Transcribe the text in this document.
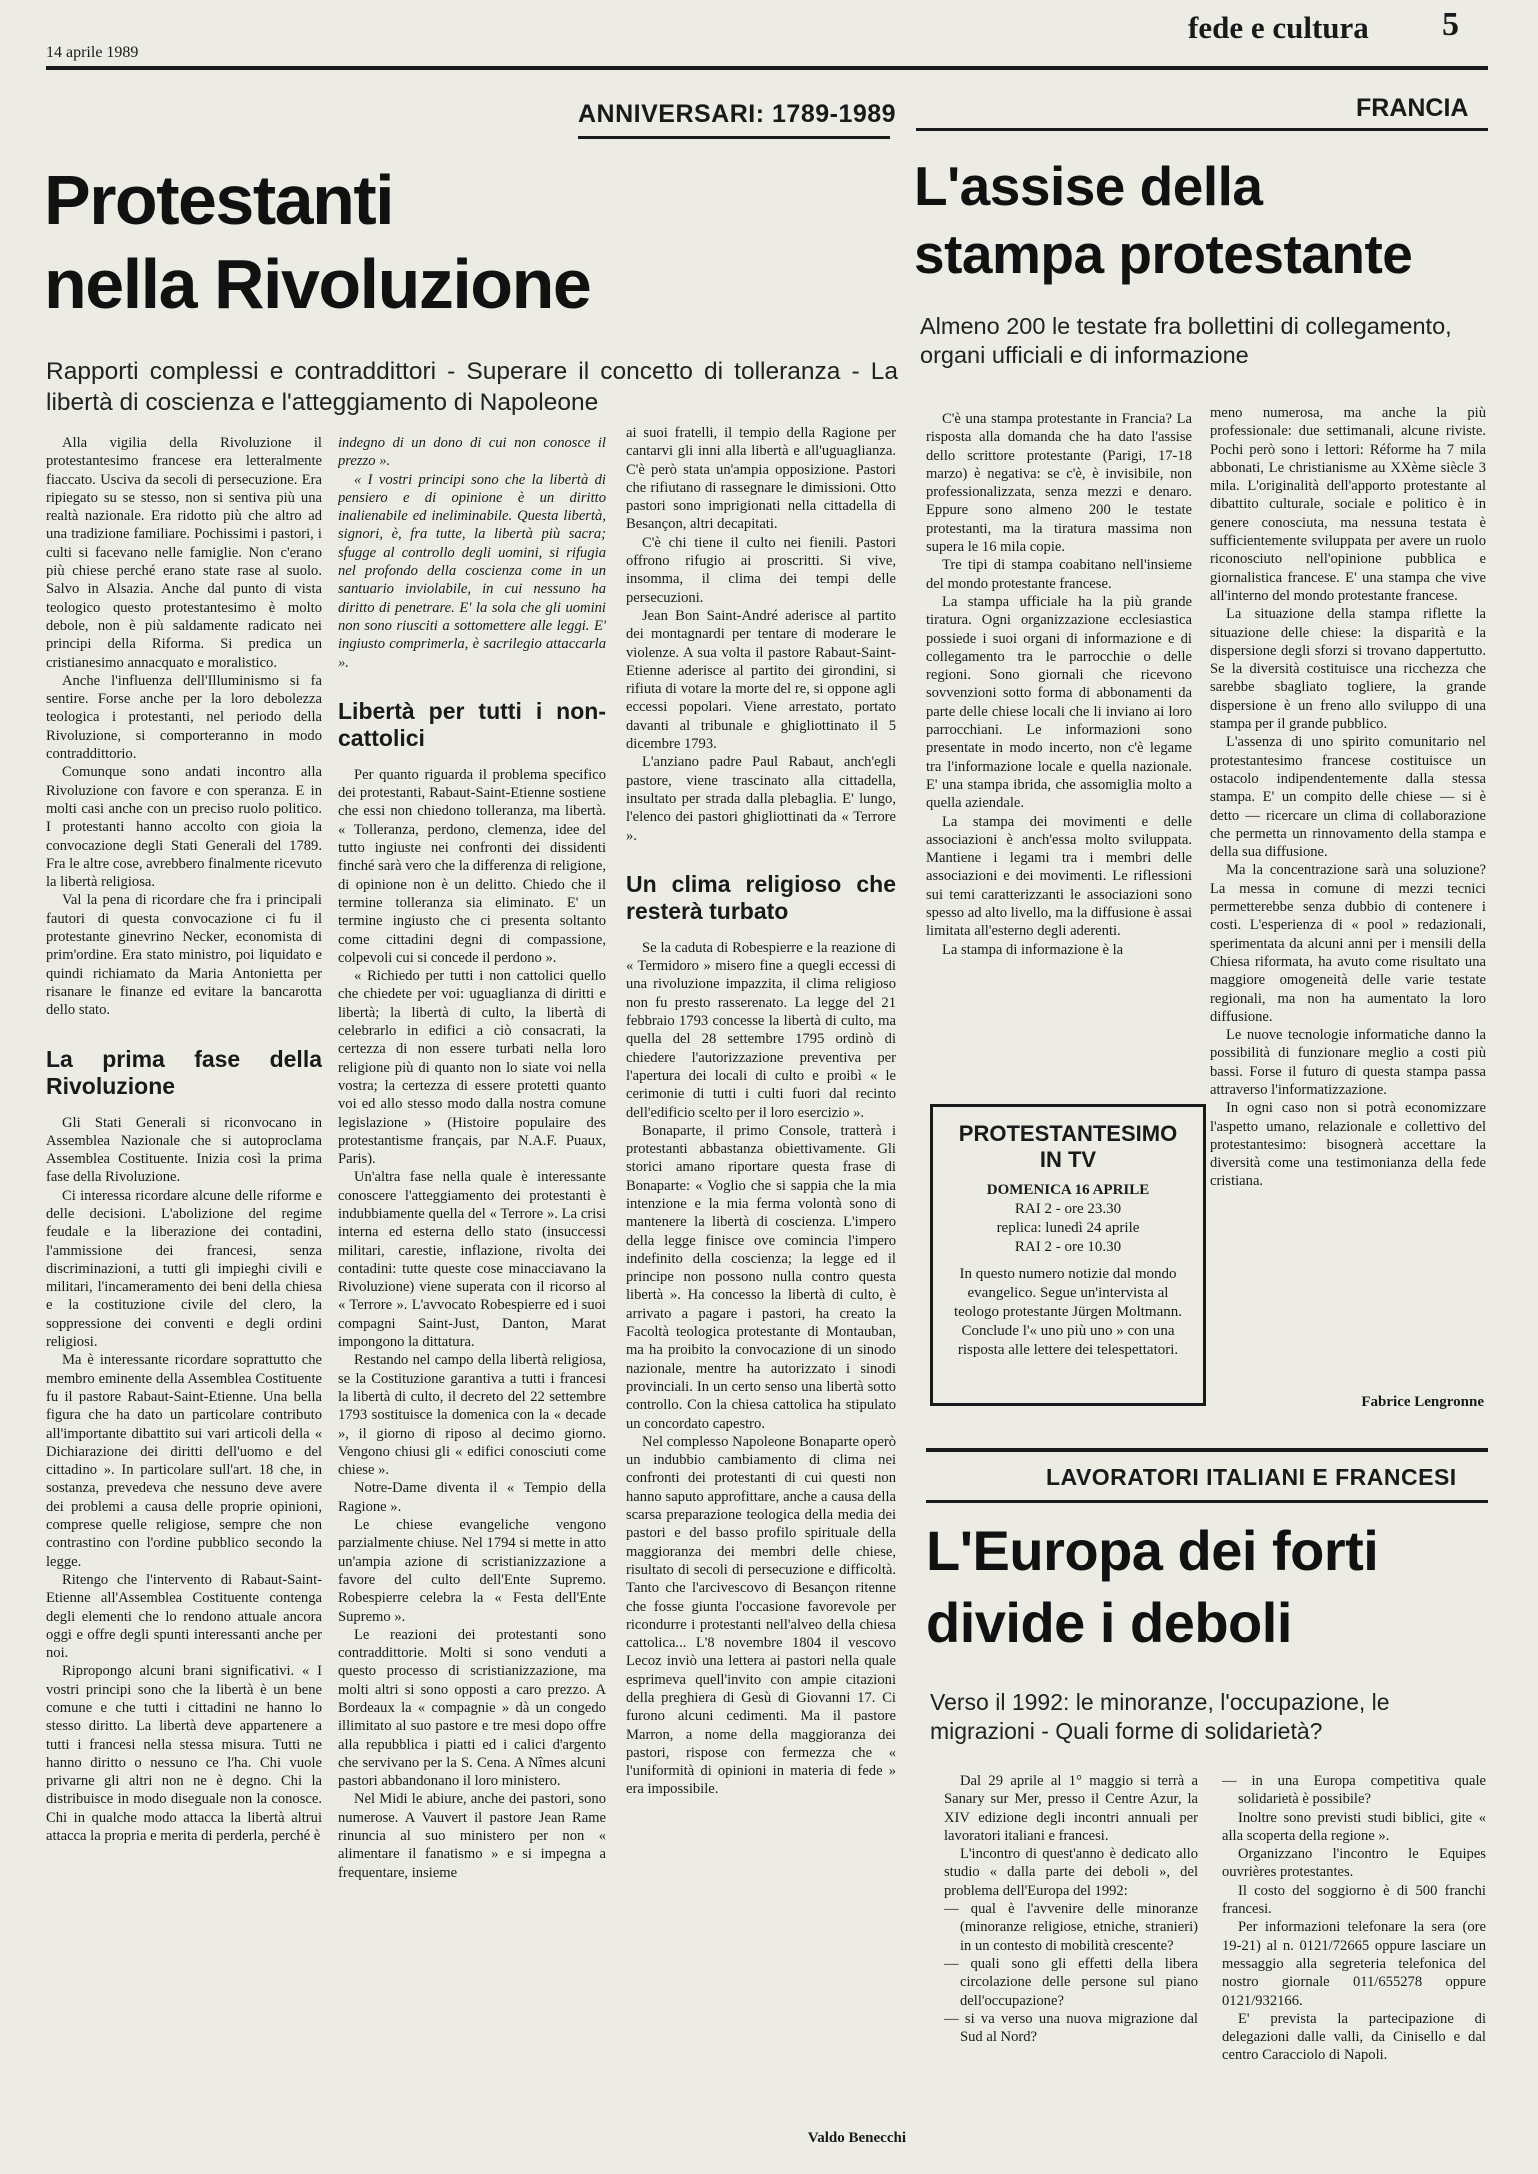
14 aprile 1989
fede e cultura 5
ANNIVERSARI: 1789-1989
Protestanti
nella Rivoluzione
Rapporti complessi e contraddittori - Superare il concetto di tolleranza - La libertà di coscienza e l'atteggiamento di Napoleone

Alla vigilia della Rivoluzione il protestantesimo francese era letteralmente fiaccato. Usciva da secoli di persecuzione. Era ripiegato su se stesso, non si sentiva più una realtà nazionale. Era ridotto più che altro ad una tradizione familiare. Pochissimi i pastori, i culti si facevano nelle famiglie. Non c'erano più chiese perché erano state rase al suolo. Salvo in Alsazia. Anche dal punto di vista teologico questo protestantesimo è molto debole, non è più saldamente radicato nei principi della Riforma. Si predica un cristianesimo annacquato e moralistico.

Anche l'influenza dell'Illuminismo si fa sentire. Forse anche per la loro debolezza teologica i protestanti, nel periodo della Rivoluzione, si comporteranno in modo contraddittorio.

Comunque sono andati incontro alla Rivoluzione con favore e con speranza. E in molti casi anche con un preciso ruolo politico. I protestanti hanno accolto con gioia la convocazione degli Stati Generali del 1789. Fra le altre cose, avrebbero finalmente ricevuto la libertà religiosa.

Val la pena di ricordare che fra i principali fautori di questa convocazione ci fu il protestante ginevrino Necker, economista di prim'ordine. Era stato ministro, poi liquidato e quindi richiamato da Maria Antonietta per risanare le finanze ed evitare la bancarotta dello stato.

La prima fase della Rivoluzione

Gli Stati Generali si riconvocano in Assemblea Nazionale che si autoproclama Assemblea Costituente. Inizia così la prima fase della Rivoluzione.

Ci interessa ricordare alcune delle riforme e delle decisioni. L'abolizione del regime feudale e la liberazione dei contadini, l'ammissione dei francesi, senza discriminazioni, a tutti gli impieghi civili e militari, l'incameramento dei beni della chiesa e la costituzione civile del clero, la soppressione dei conventi e degli ordini religiosi.

Ma è interessante ricordare soprattutto che membro eminente della Assemblea Costituente fu il pastore Rabaut-Saint-Etienne. Una bella figura che ha dato un particolare contributo all'importante dibattito sui vari articoli della « Dichiarazione dei diritti dell'uomo e del cittadino ». In particolare sull'art. 18 che, in sostanza, prevedeva che nessuno deve avere dei problemi a causa delle proprie opinioni, comprese quelle religiose, sempre che non contrastino con l'ordine pubblico secondo la legge.

Ritengo che l'intervento di Rabaut-Saint-Etienne all'Assemblea Costituente contenga degli elementi che lo rendono attuale ancora oggi e offre degli spunti interessanti anche per noi.

Ripropongo alcuni brani significativi. « I vostri principi sono che la libertà è un bene comune e che tutti i cittadini ne hanno lo stesso diritto. La libertà deve appartenere a tutti i francesi nella stessa misura. Tutti ne hanno diritto o nessuno ce l'ha. Chi vuole privarne gli altri non ne è degno. Chi la distribuisce in modo diseguale non la conosce. Chi in qualche modo attacca la libertà altrui attacca la propria e merita di perderla, perché è

indegno di un dono di cui non conosce il prezzo ».

« I vostri principi sono che la libertà di pensiero e di opinione è un diritto inalienabile ed ineliminabile. Questa libertà, signori, è, fra tutte, la libertà più sacra; sfugge al controllo degli uomini, si rifugia nel profondo della coscienza come in un santuario inviolabile, in cui nessuno ha diritto di penetrare. E' la sola che gli uomini non sono riusciti a sottomettere alle leggi. E' ingiusto comprimerla, è sacrilegio attaccarla ».

Libertà per tutti i non-cattolici

Per quanto riguarda il problema specifico dei protestanti, Rabaut-Saint-Etienne sostiene che essi non chiedono tolleranza, ma libertà. « Tolleranza, perdono, clemenza, idee del tutto ingiuste nei confronti dei dissidenti finché sarà vero che la differenza di religione, di opinione non è un delitto. Chiedo che il termine tolleranza sia eliminato. E' un termine ingiusto che ci presenta soltanto come cittadini degni di compassione, colpevoli cui si concede il perdono ».

« Richiedo per tutti i non cattolici quello che chiedete per voi: uguaglianza di diritti e libertà; la libertà di culto, la libertà di celebrarlo in edifici a ciò consacrati, la certezza di non essere turbati nella loro religione più di quanto non lo siate voi nella vostra; la certezza di essere protetti quanto voi ed allo stesso modo dalla nostra comune legislazione » (Histoire populaire des protestantisme français, par N.A.F. Puaux, Paris).

Un'altra fase nella quale è interessante conoscere l'atteggiamento dei protestanti è indubbiamente quella del « Terrore ». La crisi interna ed esterna dello stato (insuccessi militari, carestie, inflazione, rivolta dei contadini: tutte queste cose minacciavano la Rivoluzione) viene superata con il ricorso al « Terrore ». L'avvocato Robespierre ed i suoi compagni Saint-Just, Danton, Marat impongono la dittatura.

Restando nel campo della libertà religiosa, se la Costituzione garantiva a tutti i francesi la libertà di culto, il decreto del 22 settembre 1793 sostituisce la domenica con la « decade », il giorno di riposo al decimo giorno. Vengono chiusi gli « edifici conosciuti come chiese ».

Notre-Dame diventa il « Tempio della Ragione ».

Le chiese evangeliche vengono parzialmente chiuse. Nel 1794 si mette in atto un'ampia azione di scristianizzazione a favore del culto dell'Ente Supremo. Robespierre celebra la « Festa dell'Ente Supremo ».

Le reazioni dei protestanti sono contraddittorie. Molti si sono venduti a questo processo di scristianizzazione, ma molti altri si sono opposti a caro prezzo. A Bordeaux la « compagnie » dà un congedo illimitato al suo pastore e tre mesi dopo offre alla repubblica i piatti ed i calici d'argento che servivano per la S. Cena. A Nîmes alcuni pastori abbandonano il loro ministero.

Nel Midi le abiure, anche dei pastori, sono numerose. A Vauvert il pastore Jean Rame rinuncia al suo ministero per non « alimentare il fanatismo » e si impegna a frequentare, insieme

ai suoi fratelli, il tempio della Ragione per cantarvi gli inni alla libertà e all'uguaglianza. C'è però stata un'ampia opposizione. Pastori che rifiutano di rassegnare le dimissioni. Otto pastori sono imprigionati nella cittadella di Besançon, altri decapitati.

C'è chi tiene il culto nei fienili. Pastori offrono rifugio ai proscritti. Si vive, insomma, il clima dei tempi delle persecuzioni.

Jean Bon Saint-André aderisce al partito dei montagnardi per tentare di moderare le violenze. A sua volta il pastore Rabaut-Saint-Etienne aderisce al partito dei girondini, si rifiuta di votare la morte del re, si oppone agli eccessi popolari. Viene arrestato, portato davanti al tribunale e ghigliottinato il 5 dicembre 1793.

L'anziano padre Paul Rabaut, anch'egli pastore, viene trascinato alla cittadella, insultato per strada dalla plebaglia. E' lungo, l'elenco dei pastori ghigliottinati da « Terrore ».

Un clima religioso che resterà turbato

Se la caduta di Robespierre e la reazione di « Termidoro » misero fine a quegli eccessi di una rivoluzione impazzita, il clima religioso non fu presto rasserenato. La legge del 21 febbraio 1793 concesse la libertà di culto, ma quella del 28 settembre 1795 ordinò di chiedere l'autorizzazione preventiva per l'apertura dei locali di culto e proibì « le cerimonie di tutti i culti fuori dal recinto dell'edificio scelto per il loro esercizio ».

Bonaparte, il primo Console, tratterà i protestanti abbastanza obiettivamente. Gli storici amano riportare questa frase di Bonaparte: « Voglio che si sappia che la mia intenzione e la mia ferma volontà sono di mantenere la libertà di coscienza. L'impero della legge finisce ove comincia l'impero indefinito della coscienza; la legge ed il principe non possono nulla contro questa libertà ». Ha concesso la libertà di culto, è arrivato a pagare i pastori, ha creato la Facoltà teologica protestante di Montauban, ma ha proibito la convocazione di un sinodo nazionale, mentre ha autorizzato i sinodi provinciali. In un certo senso una libertà sotto controllo. Con la chiesa cattolica ha stipulato un concordato capestro.

Nel complesso Napoleone Bonaparte operò un indubbio cambiamento di clima nei confronti dei protestanti di cui questi non hanno saputo approfittare, anche a causa della scarsa preparazione teologica della media dei pastori e del basso profilo spirituale della maggioranza dei membri delle chiese, risultato di secoli di persecuzione e difficoltà. Tanto che l'arcivescovo di Besançon ritenne che fosse giunta l'occasione favorevole per ricondurre i protestanti nell'alveo della chiesa cattolica... L'8 novembre 1804 il vescovo Lecoz inviò una lettera ai pastori nella quale esprimeva quell'invito con ampie citazioni della preghiera di Gesù di Giovanni 17. Ci furono alcuni cedimenti. Ma il pastore Marron, a nome della maggioranza dei pastori, rispose con fermezza che « l'uniformità di opinioni in materia di fede » era impossibile.

Valdo Benecchi
FRANCIA
L'assise della
stampa protestante
Almeno 200 le testate fra bollettini di collegamento, organi ufficiali e di informazione

C'è una stampa protestante in Francia? La risposta alla domanda che ha dato l'assise dello scrittore protestante (Parigi, 17-18 marzo) è negativa: se c'è, è invisibile, non professionalizzata, senza mezzi e denaro. Eppure sono almeno 200 le testate protestanti, ma la tiratura massima non supera le 16 mila copie.

Tre tipi di stampa coabitano nell'insieme del mondo protestante francese.

La stampa ufficiale ha la più grande tiratura. Ogni organizzazione ecclesiastica possiede i suoi organi di informazione e di collegamento tra le parrocchie o delle regioni. Sono giornali che ricevono sovvenzioni sotto forma di abbonamenti da parte delle chiese locali che li inviano ai loro parrocchiani. Le informazioni sono presentate in modo incerto, non c'è legame tra l'informazione locale e quella nazionale. E' una stampa ibrida, che assomiglia molto a quella aziendale.

La stampa dei movimenti e delle associazioni è anch'essa molto sviluppata. Mantiene i legami tra i membri delle associazioni e dei movimenti. Le riflessioni sui temi caratterizzanti le associazioni sono spesso ad alto livello, ma la diffusione è assai limitata all'esterno degli aderenti.

La stampa di informazione è la

PROTESTANTESIMO
IN TV
DOMENICA 16 APRILE
RAI 2 - ore 23.30
replica: lunedì 24 aprile
RAI 2 - ore 10.30
In questo numero notizie dal mondo evangelico. Segue un'intervista al teologo protestante Jürgen Moltmann. Conclude l'« uno più uno » con una risposta alle lettere dei telespettatori.

meno numerosa, ma anche la più professionale: due settimanali, alcune riviste. Pochi però sono i lettori: Réforme ha 7 mila abbonati, Le christianisme au XXème siècle 3 mila. L'originalità dell'apporto protestante al dibattito culturale, sociale e politico è in genere conosciuta, ma nessuna testata è sufficientemente sviluppata per avere un ruolo riconosciuto nell'opinione pubblica e giornalistica francese. E' una stampa che vive all'interno del mondo protestante francese.

La situazione della stampa riflette la situazione delle chiese: la disparità e la dispersione degli sforzi si trovano dappertutto. Se la diversità costituisce una ricchezza che sarebbe sbagliato togliere, la grande dispersione è un freno allo sviluppo di una stampa per il grande pubblico.

L'assenza di uno spirito comunitario nel protestantesimo francese costituisce un ostacolo indipendentemente dalla stessa stampa. E' un compito delle chiese — si è detto — ricercare un clima di collaborazione che permetta un rinnovamento della stampa e della sua diffusione.

Ma la concentrazione sarà una soluzione? La messa in comune di mezzi tecnici permetterebbe senza dubbio di contenere i costi. L'esperienza di « pool » redazionali, sperimentata da alcuni anni per i mensili della Chiesa riformata, ha avuto come risultato una maggiore omogeneità delle varie testate regionali, ma non ha aumentato la loro diffusione.

Le nuove tecnologie informatiche danno la possibilità di funzionare meglio a costi più bassi. Forse il futuro di questa stampa passa attraverso l'informatizzazione.

In ogni caso non si potrà economizzare l'aspetto umano, relazionale e collettivo del protestantesimo: bisognerà accettare la diversità come una testimonianza della fede cristiana.

Fabrice Lengronne
LAVORATORI ITALIANI E FRANCESI
L'Europa dei forti
divide i deboli
Verso il 1992: le minoranze, l'occupazione, le migrazioni - Quali forme di solidarietà?

Dal 29 aprile al 1° maggio si terrà a Sanary sur Mer, presso il Centre Azur, la XIV edizione degli incontri annuali per lavoratori italiani e francesi.

L'incontro di quest'anno è dedicato allo studio « dalla parte dei deboli », del problema dell'Europa del 1992:

— qual è l'avvenire delle minoranze (minoranze religiose, etniche, stranieri) in un contesto di mobilità crescente?

— quali sono gli effetti della libera circolazione delle persone sul piano dell'occupazione?

— si va verso una nuova migrazione dal Sud al Nord?

— in una Europa competitiva quale solidarietà è possibile?

Inoltre sono previsti studi biblici, gite « alla scoperta della regione ».

Organizzano l'incontro le Equipes ouvrières protestantes.

Il costo del soggiorno è di 500 franchi francesi.

Per informazioni telefonare la sera (ore 19-21) al n. 0121/72665 oppure lasciare un messaggio alla segreteria telefonica del nostro giornale 011/655278 oppure 0121/932166.

E' prevista la partecipazione di delegazioni dalle valli, da Cinisello e dal centro Caracciolo di Napoli.
